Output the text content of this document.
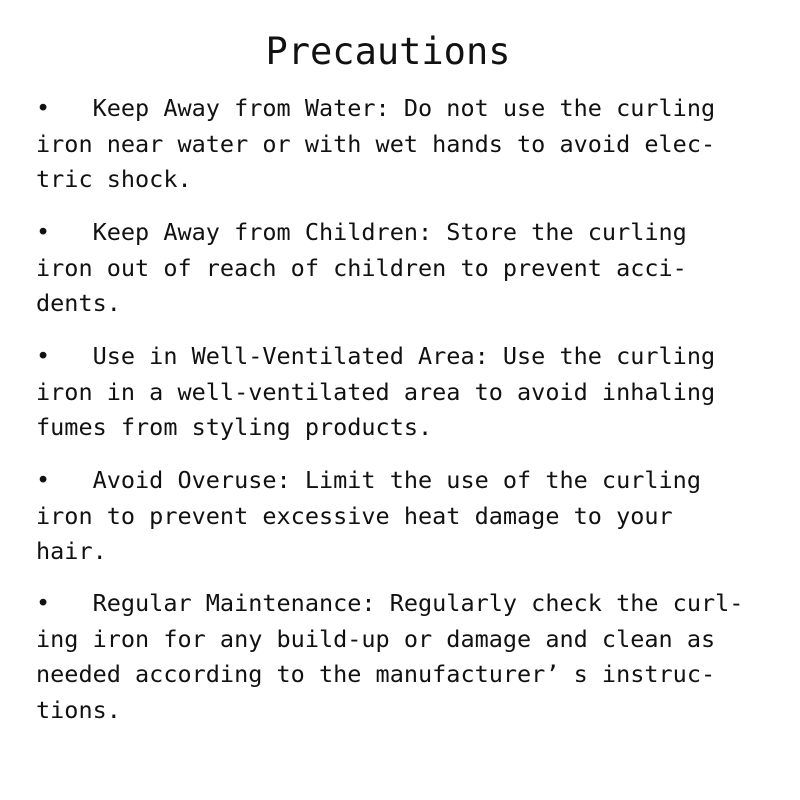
Precautions
•   Keep Away from Water: Do not use the curling
iron near water or with wet hands to avoid elec-
tric shock.
•   Keep Away from Children: Store the curling
iron out of reach of children to prevent acci-
dents.
•   Use in Well-Ventilated Area: Use the curling
iron in a well-ventilated area to avoid inhaling
fumes from styling products.
•   Avoid Overuse: Limit the use of the curling
iron to prevent excessive heat damage to your
hair.
•   Regular Maintenance: Regularly check the curl-
ing iron for any build-up or damage and clean as
needed according to the manufacturer’ s instruc-
tions.
